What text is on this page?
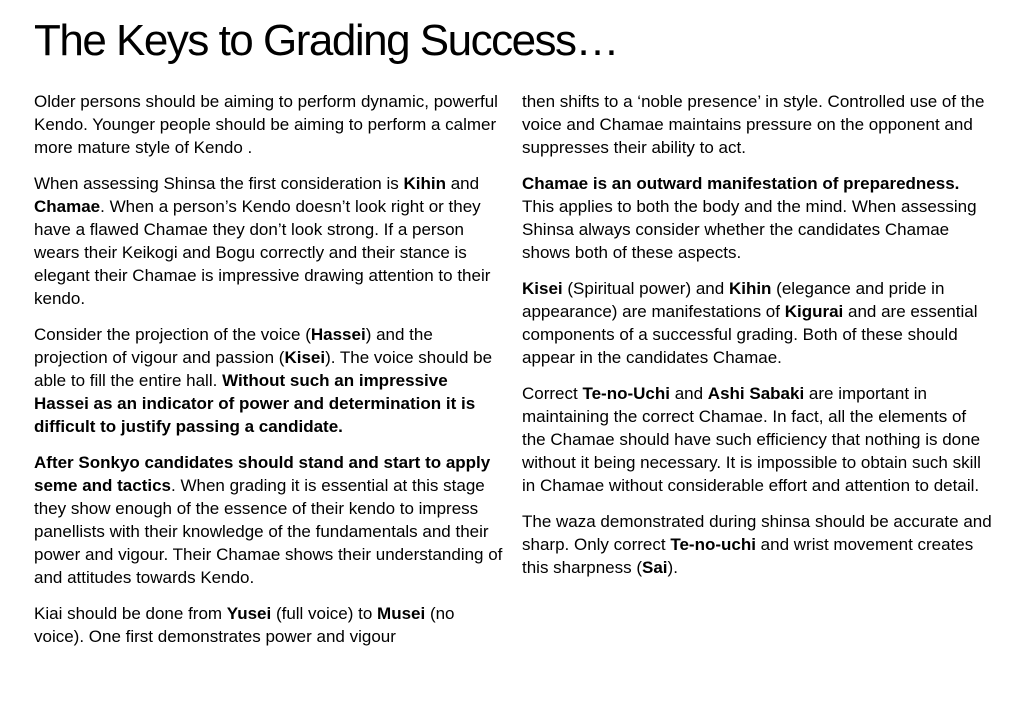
The Keys to Grading Success…

Older persons should be aiming to perform dynamic, powerful Kendo. Younger people should be aiming to perform a calmer more mature style of Kendo .

When assessing Shinsa the first consideration is Kihin and Chamae. When a person’s Kendo doesn’t look right or they have a flawed Chamae they don’t look strong. If a person wears their Keikogi and Bogu correctly and their stance is elegant their Chamae is impressive drawing attention to their kendo.

Consider the projection of the voice (Hassei) and the projection of vigour and passion (Kisei). The voice should be able to fill the entire hall. Without such an impressive Hassei as an indicator of power and determination it is difficult to justify passing a candidate.

After Sonkyo candidates should stand and start to apply seme and tactics. When grading it is essential at this stage they show enough of the essence of their kendo to impress panellists with their knowledge of the fundamentals and their power and vigour. Their Chamae shows their understanding of and attitudes towards Kendo.

Kiai should be done from Yusei (full voice) to Musei (no voice). One first demonstrates power and vigour

then shifts to a ‘noble presence’ in style. Controlled use of the voice and Chamae maintains pressure on the opponent and suppresses their ability to act.

Chamae is an outward manifestation of preparedness. This applies to both the body and the mind. When assessing Shinsa always consider whether the candidates Chamae shows both of these aspects.

Kisei (Spiritual power) and Kihin (elegance and pride in appearance) are manifestations of Kigurai and are essential components of a successful grading. Both of these should appear in the candidates Chamae.

Correct Te-no-Uchi and Ashi Sabaki are important in maintaining the correct Chamae. In fact, all the elements of the Chamae should have such efficiency that nothing is done without it being necessary. It is impossible to obtain such skill in Chamae without considerable effort and attention to detail.

The waza demonstrated during shinsa should be accurate and sharp. Only correct Te-no-uchi and wrist movement creates this sharpness (Sai).
